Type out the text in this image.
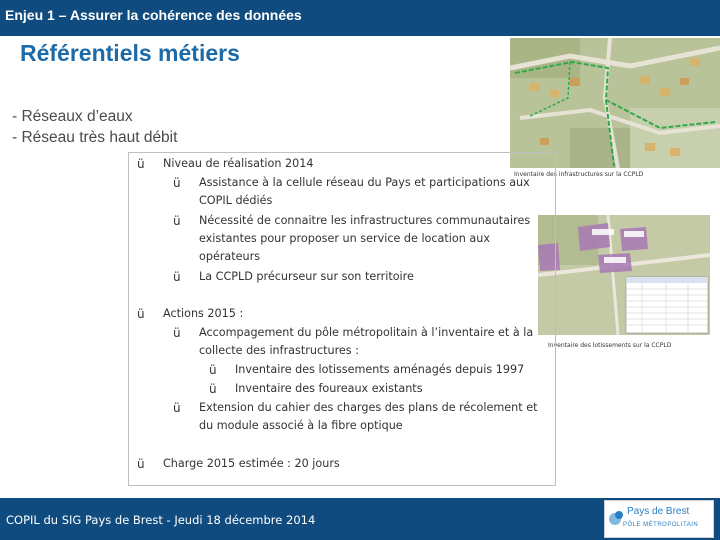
Enjeu 1 – Assurer la cohérence des données
Référentiels métiers
- Réseaux d’eaux
- Réseau très haut débit
Inventaire des infrastructures sur la CCPLD
Inventaire des lotissements sur la CCPLD
ü Niveau de réalisation 2014
ü Assistance à la cellule réseau du Pays et participations aux
COPIL dédiés
ü Nécessité de connaitre les infrastructures communautaires
existantes pour proposer un service de location aux
opérateurs
ü La CCPLD précurseur sur son territoire
ü Actions 2015 :
ü Accompagement du pôle métropolitain à l’inventaire et à la
collecte des infrastructures :
ü Inventaire des lotissements aménagés depuis 1997
ü Inventaire des foureaux existants
ü Extension du cahier des charges des plans de récolement et
du module associé à la fibre optique
ü Charge 2015 estimée : 20 jours
COPIL du SIG Pays de Brest - Jeudi 18 décembre 2014
Pays de Brest
PÔLE MÉTROPOLITAIN
